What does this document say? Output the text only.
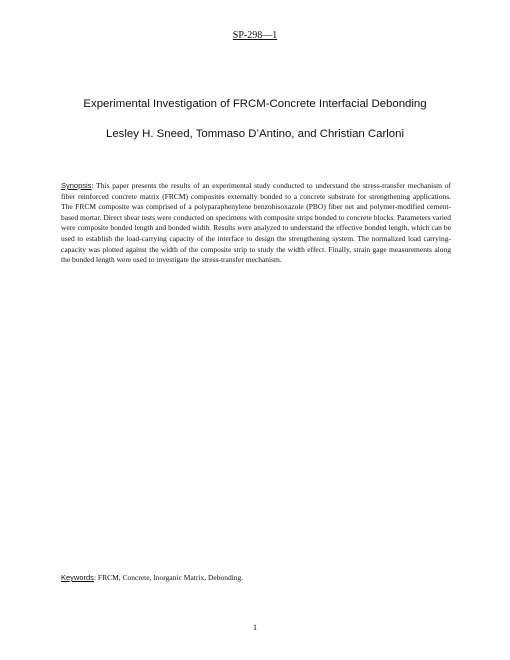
SP-298—1
Experimental Investigation of FRCM-Concrete Interfacial Debonding
Lesley H. Sneed, Tommaso D’Antino, and Christian Carloni
Synopsis: This paper presents the results of an experimental study conducted to understand the stress-transfer mechanism of fiber reinforced concrete matrix (FRCM) composites externally bonded to a concrete substrate for strengthening applications. The FRCM composite was comprised of a polyparaphenylene benzobisoxazole (PBO) fiber net and polymer-modified cement-based mortar. Direct shear tests were conducted on specimens with composite strips bonded to concrete blocks. Parameters varied were composite bonded length and bonded width. Results were analyzed to understand the effective bonded length, which can be used to establish the load-carrying capacity of the interface to design the strengthening system. The normalized load carrying-capacity was plotted against the width of the composite strip to study the width effect. Finally, strain gage measurements along the bonded length were used to investigate the stress-transfer mechanism.
Keywords: FRCM, Concrete, Inorganic Matrix, Debonding.
1
